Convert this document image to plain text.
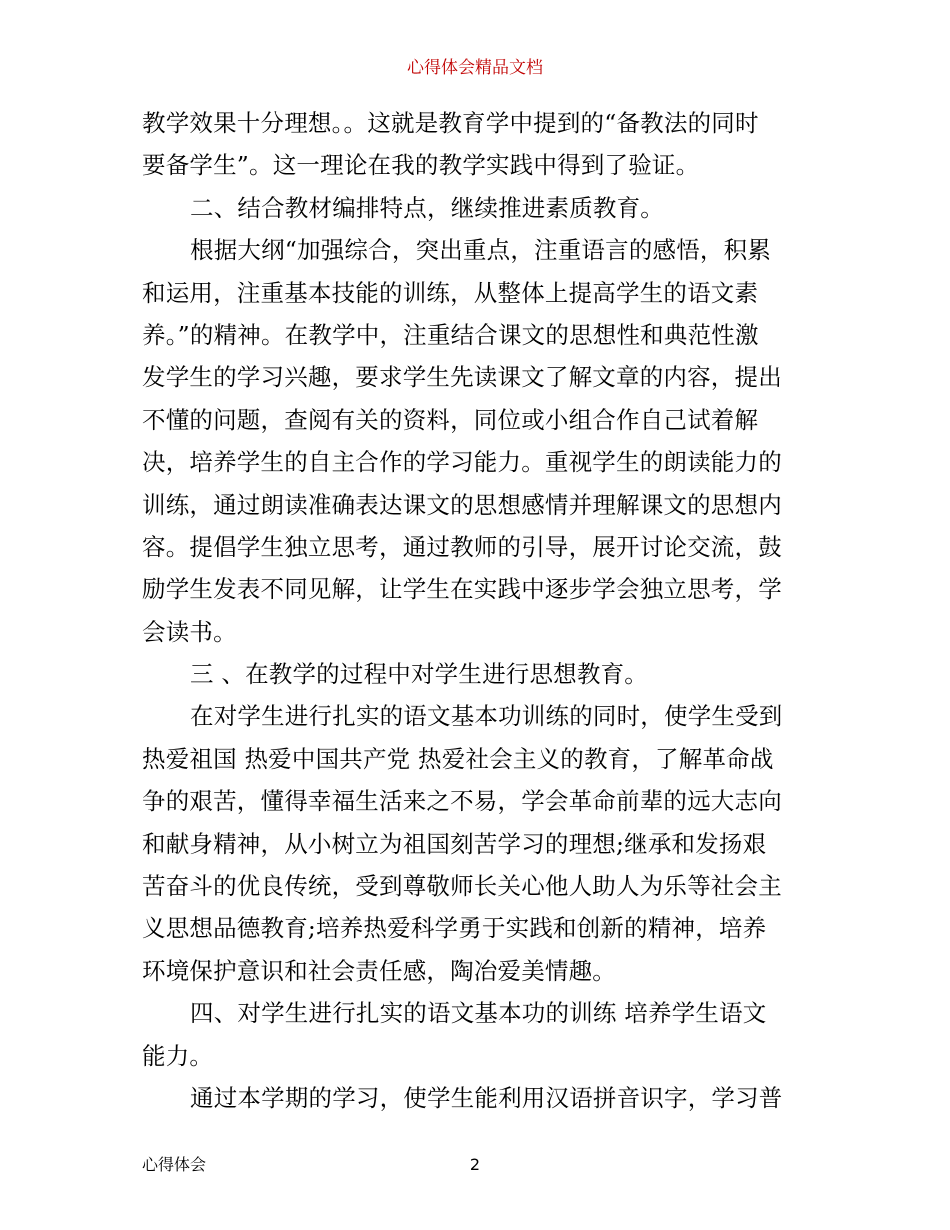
心得体会精品文档
教学效果十分理想。。这就是教育学中提到的“备教法的同时
要备学生”。这一理论在我的教学实践中得到了验证。
二、结合教材编排特点，继续推进素质教育。
根据大纲“加强综合，突出重点，注重语言的感悟，积累
和运用，注重基本技能的训练，从整体上提高学生的语文素
养。”的精神。在教学中，注重结合课文的思想性和典范性激
发学生的学习兴趣，要求学生先读课文了解文章的内容，提出
不懂的问题，查阅有关的资料，同位或小组合作自己试着解
决，培养学生的自主合作的学习能力。重视学生的朗读能力的
训练，通过朗读准确表达课文的思想感情并理解课文的思想内
容。提倡学生独立思考，通过教师的引导，展开讨论交流，鼓
励学生发表不同见解，让学生在实践中逐步学会独立思考，学
会读书。
三 、在教学的过程中对学生进行思想教育。
在对学生进行扎实的语文基本功训练的同时，使学生受到
热爱祖国 热爱中国共产党 热爱社会主义的教育，了解革命战
争的艰苦，懂得幸福生活来之不易，学会革命前辈的远大志向
和献身精神，从小树立为祖国刻苦学习的理想;继承和发扬艰
苦奋斗的优良传统，受到尊敬师长关心他人助人为乐等社会主
义思想品德教育;培养热爱科学勇于实践和创新的精神，培养
环境保护意识和社会责任感，陶冶爱美情趣。
四、对学生进行扎实的语文基本功的训练 培养学生语文
能力。
通过本学期的学习，使学生能利用汉语拼音识字，学习普
心得体会	2
